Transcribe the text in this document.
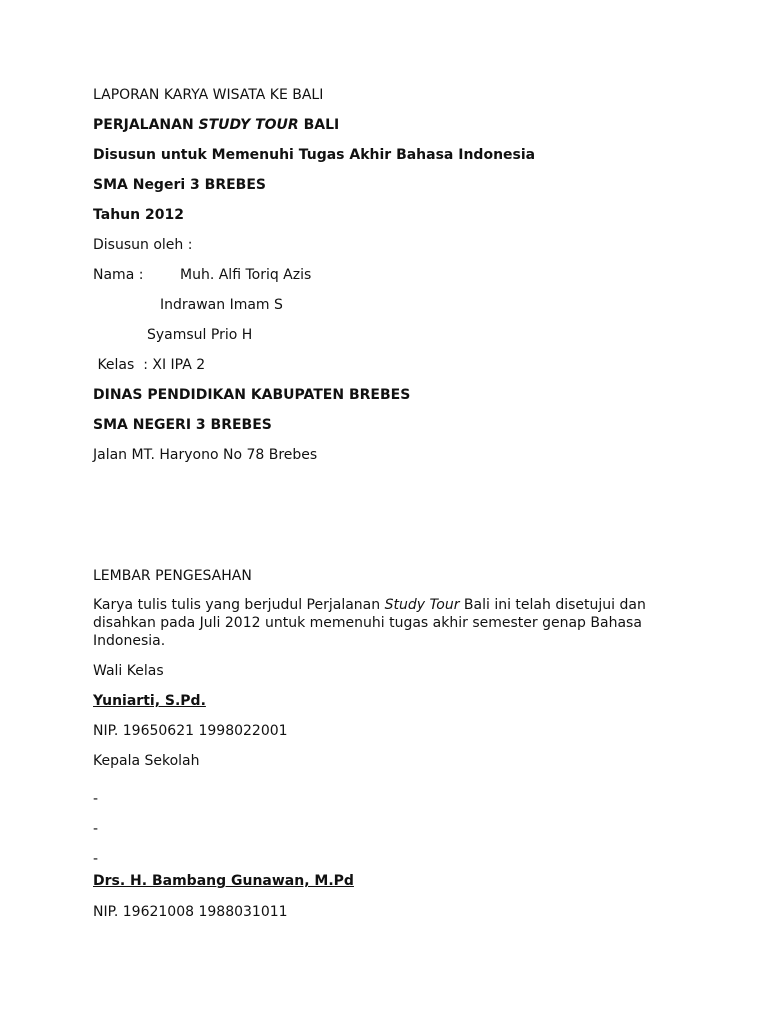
LAPORAN KARYA WISATA KE BALI
PERJALANAN STUDY TOUR BALI
Disusun untuk Memenuhi Tugas Akhir Bahasa Indonesia
SMA Negeri 3 BREBES
Tahun 2012
Disusun oleh :
Nama :	Muh. Alfi Toriq Azis
Indrawan Imam S
Syamsul Prio H
Kelas  : XI IPA 2
DINAS PENDIDIKAN KABUPATEN BREBES
SMA NEGERI 3 BREBES
Jalan MT. Haryono No 78 Brebes
LEMBAR PENGESAHAN
Karya tulis tulis yang berjudul Perjalanan Study Tour Bali ini telah disetujui dan disahkan pada Juli 2012 untuk memenuhi tugas akhir semester genap Bahasa Indonesia.
Wali Kelas
Yuniarti, S.Pd.
NIP. 19650621 1998022001
Kepala Sekolah
-
-
-
Drs. H. Bambang Gunawan, M.Pd
NIP. 19621008 1988031011
